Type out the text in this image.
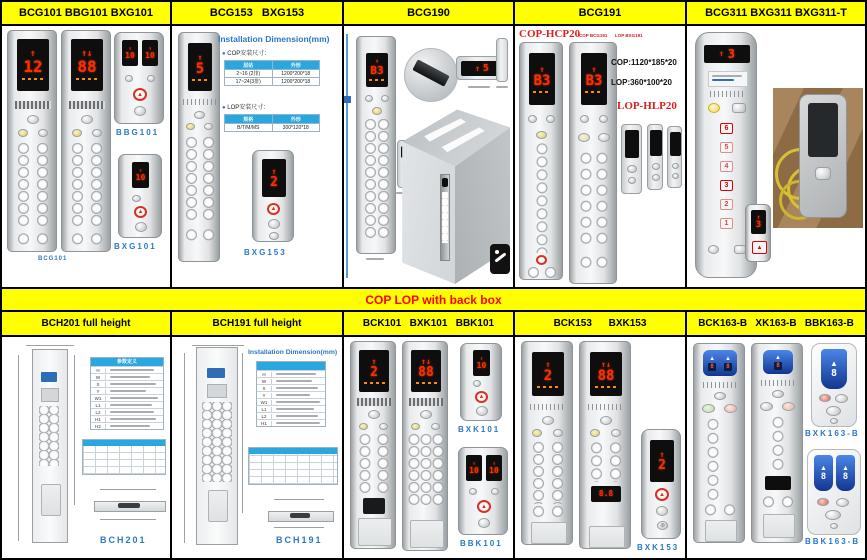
BCG101 BBG101 BXG101	BCG153   BXG153	BCG190	BCG191	BCG311 BXG311 BXG311-T
↑
12
↑↓
88
BCG101
↑
10
↑
10
▲
BBG101
↑
10
▲
BXG101
↑
5
Installation Dimension(mm)
● COP安装尺寸：
层站	外形
2~16 (2排)	1200*200*18
17~24(3排)	1200*200*18
● LOP安装尺寸：
规格	外形
B/T/M/MS	300*120*18
↑
2
▲
BXG153
↑
B3	↑ 5
COP-HCP20
COP BCG191 LOP BXG191
↑
B3
↑
B3
COP:1120*185*20
LOP:360*100*20
LOP-HLP20
↑ 3
6
5
4
3
2
1
↑
3
▲
COP LOP with back box
BCH201 full height	BCH191 full height	BCK101   BXK101   BBK101	BCK153      BXK153	BCK163-B   XK163-B   BBK163-B
参数定义
H
W
X
Y
W1
L1
L2
H1
H2
BCH201
Installation Dimension(mm)
H
W
X
Y
W1
L1
L2
H1
BCH191
↑
2
↑↓
88
↑
10
▲
BXK101
↑
10
↑
10
▲
BBK101
↑
2
↑↓
88
8.8
↑
2
▲
⊗
BXK153
▲
8
▲
8
▲
8	▲
8
BXK163-B
▲
8
▲
8
BBK163-B
